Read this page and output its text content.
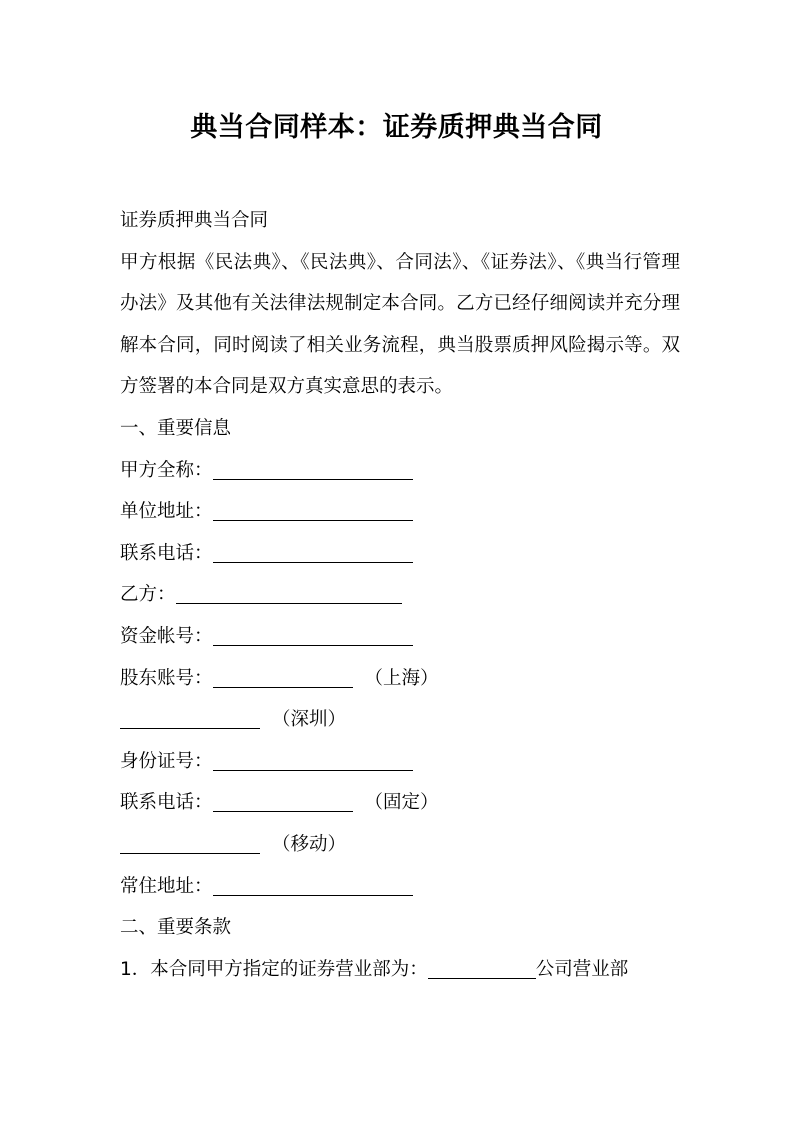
典当合同样本：证券质押典当合同
证券质押典当合同
甲方根据《民法典》、《民法典》、合同法》、《证券法》、《典当行管理办法》及其他有关法律法规制定本合同。乙方已经仔细阅读并充分理解本合同，同时阅读了相关业务流程，典当股票质押风险揭示等。双方签署的本合同是双方真实意思的表示。
一、重要信息
甲方全称：
单位地址：
联系电话：
乙方：
资金帐号：
股东账号：	（上海）
（深圳）
身份证号：
联系电话：	（固定）
（移动）
常住地址：
二、重要条款
1．本合同甲方指定的证券营业部为：	公司营业部
